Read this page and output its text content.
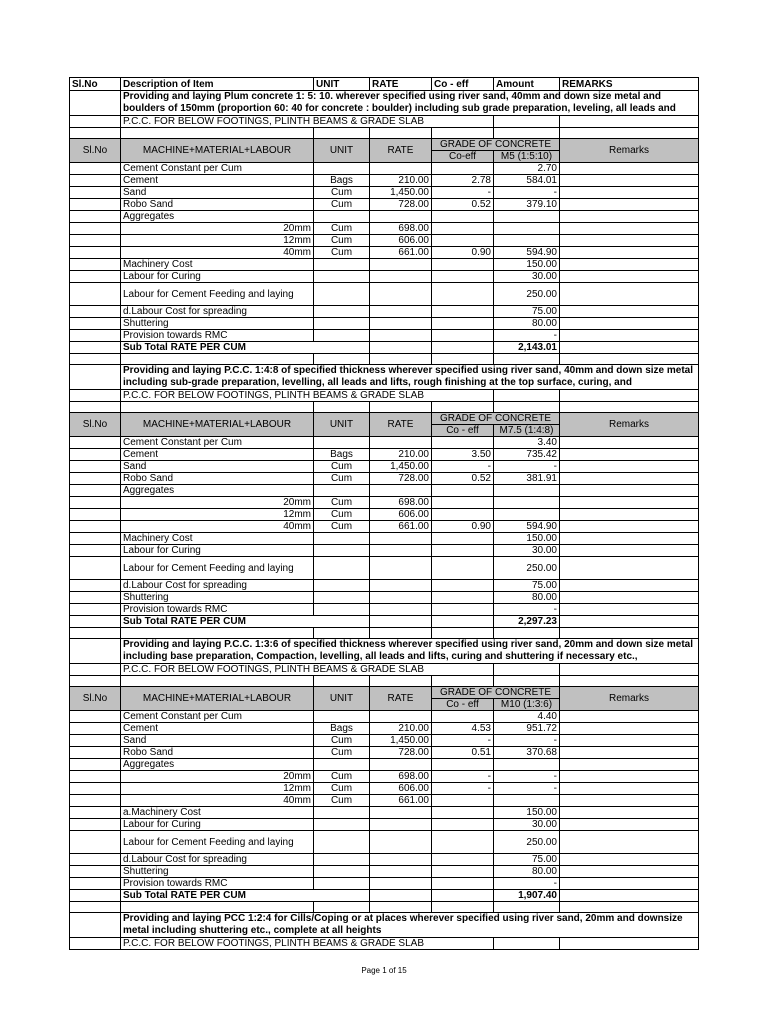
Sl.No	Description of Item	UNIT	RATE	Co - eff	Amount	REMARKS
	Providing and laying Plum concrete 1: 5: 10. wherever specified using river sand, 40mm and down size metal and boulders of 150mm (proportion 60: 40 for concrete : boulder) including sub grade preparation, leveling, all leads and					
	P.C.C. FOR BELOW FOOTINGS, PLINTH BEAMS & GRADE SLAB					

Sl.No	MACHINE+MATERIAL+LABOUR	UNIT	RATE	GRADE OF CONCRETE		Remarks
				Co-eff	M5 (1:5:10)	
	Cement Constant per Cum				2.70	
	Cement	Bags	210.00	2.78	584.01	
	Sand	Cum	1,450.00	-	-	
	Robo Sand	Cum	728.00	0.52	379.10	
	Aggregates					
	20mm	Cum	698.00			
	12mm	Cum	606.00			
	40mm	Cum	661.00	0.90	594.90	
	Machinery Cost				150.00	
	Labour for Curing				30.00	
	Labour for Cement Feeding and laying				250.00	
	d.Labour Cost for spreading				75.00	
	Shuttering				80.00	
	Provision towards RMC				-	
	Sub Total RATE PER CUM				2,143.01	

	Providing and laying P.C.C. 1:4:8 of specified thickness wherever specified using river sand, 40mm and down size metal including sub-grade preparation, levelling, all leads and lifts, rough finishing at the top surface, curing, and					
	P.C.C. FOR BELOW FOOTINGS, PLINTH BEAMS & GRADE SLAB					

Sl.No	MACHINE+MATERIAL+LABOUR	UNIT	RATE	GRADE OF CONCRETE		Remarks
				Co - eff	M7.5 (1:4:8)	
	Cement Constant per Cum				3.40	
	Cement	Bags	210.00	3.50	735.42	
	Sand	Cum	1,450.00	-	-	
	Robo Sand	Cum	728.00	0.52	381.91	
	Aggregates					
	20mm	Cum	698.00			
	12mm	Cum	606.00			
	40mm	Cum	661.00	0.90	594.90	
	Machinery Cost				150.00	
	Labour for Curing				30.00	
	Labour for Cement Feeding and laying				250.00	
	d.Labour Cost for spreading				75.00	
	Shuttering				80.00	
	Provision towards RMC				-	
	Sub Total RATE PER CUM				2,297.23	

	Providing and laying P.C.C. 1:3:6 of specified thickness wherever specified using river sand, 20mm and down size metal including base preparation, Compaction, levelling, all leads and lifts, curing and shuttering if necessary etc.,					
	P.C.C. FOR BELOW FOOTINGS, PLINTH BEAMS & GRADE SLAB					

Sl.No	MACHINE+MATERIAL+LABOUR	UNIT	RATE	GRADE OF CONCRETE		Remarks
				Co - eff	M10 (1:3:6)	
	Cement Constant per Cum				4.40	
	Cement	Bags	210.00	4.53	951.72	
	Sand	Cum	1,450.00	-	-	
	Robo Sand	Cum	728.00	0.51	370.68	
	Aggregates					
	20mm	Cum	698.00	-	-	
	12mm	Cum	606.00	-	-	
	40mm	Cum	661.00			
	a.Machinery Cost				150.00	
	Labour for Curing				30.00	
	Labour for Cement Feeding and laying				250.00	
	d.Labour Cost for spreading				75.00	
	Shuttering				80.00	
	Provision towards RMC				-	
	Sub Total RATE PER CUM				1,907.40	

	Providing and laying PCC 1:2:4 for Cills/Coping or at places wherever specified using river sand, 20mm and downsize metal including shuttering etc., complete at all heights					
	P.C.C. FOR BELOW FOOTINGS, PLINTH BEAMS & GRADE SLAB					
Page 1 of 15
